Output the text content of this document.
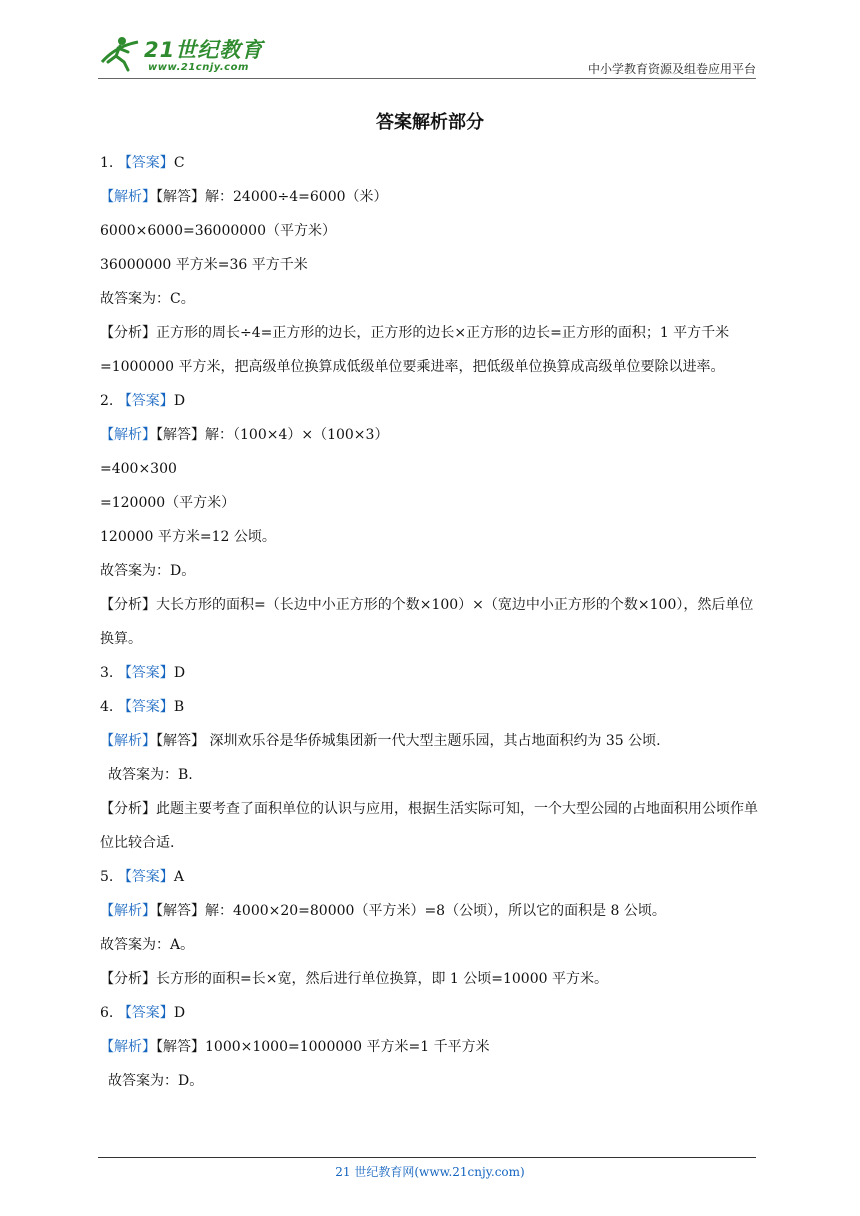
21世纪教育
www.21cnjy.com	中小学教育资源及组卷应用平台
答案解析部分
1. 【答案】C
【解析】【解答】解：24000÷4=6000（米）
6000×6000=36000000（平方米）
36000000 平方米=36 平方千米
故答案为：C。
【分析】正方形的周长÷4=正方形的边长，正方形的边长×正方形的边长=正方形的面积；1 平方千米=1000000 平方米，把高级单位换算成低级单位要乘进率，把低级单位换算成高级单位要除以进率。
2. 【答案】D
【解析】【解答】解：（100×4）×（100×3）
=400×300
=120000（平方米）
120000 平方米=12 公顷。
故答案为：D。
【分析】大长方形的面积=（长边中小正方形的个数×100）×（宽边中小正方形的个数×100），然后单位换算。
3. 【答案】D
4. 【答案】B
【解析】【解答】 深圳欢乐谷是华侨城集团新一代大型主题乐园，其占地面积约为 35 公顷.
故答案为：B.
【分析】此题主要考查了面积单位的认识与应用，根据生活实际可知，一个大型公园的占地面积用公顷作单位比较合适.
5. 【答案】A
【解析】【解答】解：4000×20=80000（平方米）=8（公顷），所以它的面积是 8 公顷。
故答案为：A。
【分析】长方形的面积=长×宽，然后进行单位换算，即 1 公顷=10000 平方米。
6. 【答案】D
【解析】【解答】1000×1000=1000000 平方米=1 千平方米
故答案为：D。
21 世纪教育网(www.21cnjy.com)
